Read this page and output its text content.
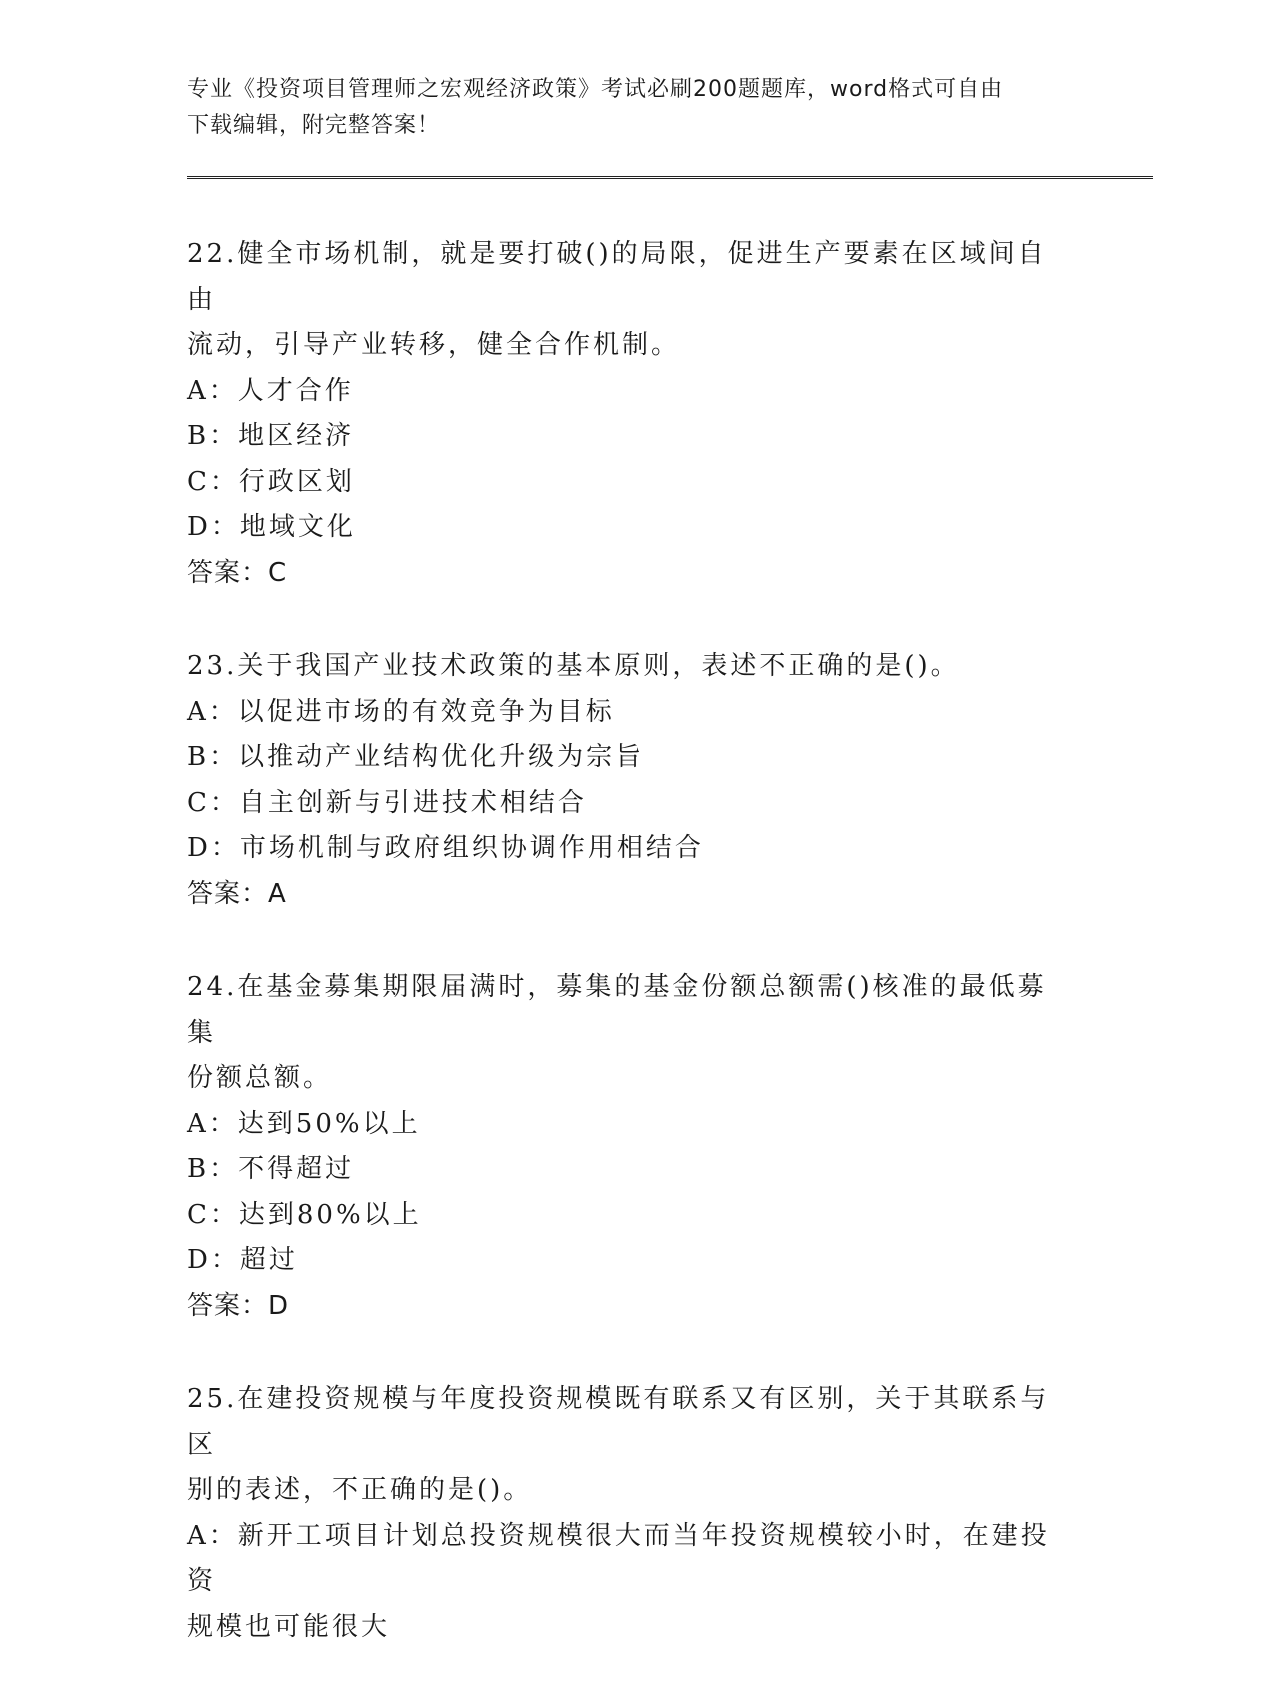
专业《投资项目管理师之宏观经济政策》考试必刷200题题库，word格式可自由
下载编辑，附完整答案！

22.健全市场机制，就是要打破()的局限，促进生产要素在区域间自由

流动，引导产业转移，健全合作机制。

A：人才合作

B：地区经济

C：行政区划

D：地域文化

答案：C

23.关于我国产业技术政策的基本原则，表述不正确的是()。

A：以促进市场的有效竞争为目标

B：以推动产业结构优化升级为宗旨

C：自主创新与引进技术相结合

D：市场机制与政府组织协调作用相结合

答案：A

24.在基金募集期限届满时，募集的基金份额总额需()核准的最低募集

份额总额。

A：达到50%以上

B：不得超过

C：达到80%以上

D：超过

答案：D

25.在建投资规模与年度投资规模既有联系又有区别，关于其联系与区

别的表述，不正确的是()。

A：新开工项目计划总投资规模很大而当年投资规模较小时，在建投资

规模也可能很大
